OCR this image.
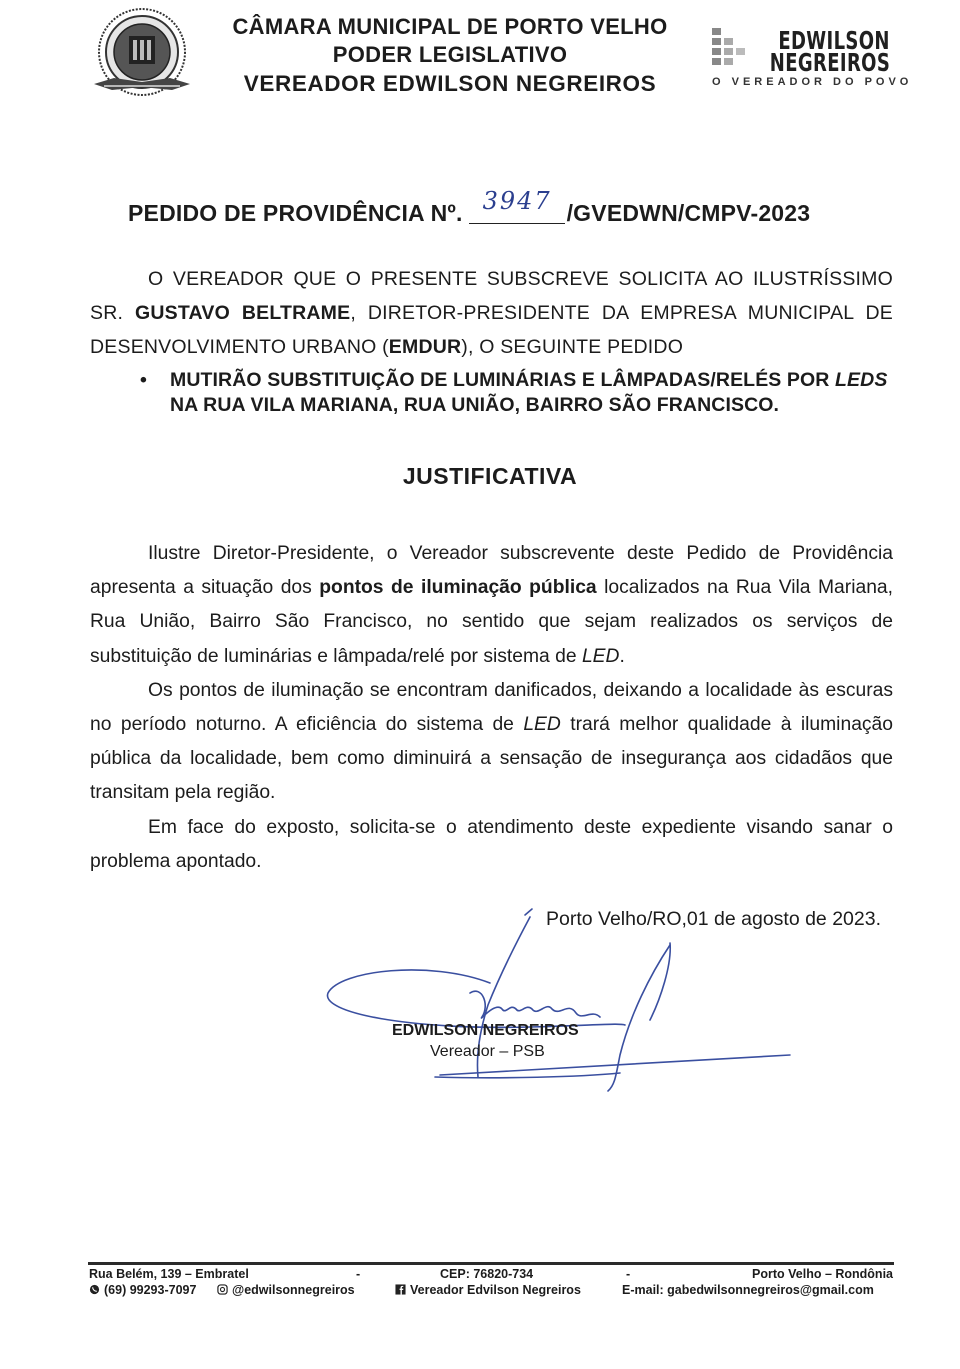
CÂMARA MUNICIPAL DE PORTO VELHO
PODER LEGISLATIVO
VEREADOR EDWILSON NEGREIROS
EDWILSON
NEGREIROS
O VEREADOR DO POVO
PEDIDO DE PROVIDÊNCIA Nº. 3947 /GVEDWN/CMPV-2023
O VEREADOR QUE O PRESENTE SUBSCREVE SOLICITA AO ILUSTRÍSSIMO SR. GUSTAVO BELTRAME, DIRETOR-PRESIDENTE DA EMPRESA MUNICIPAL DE DESENVOLVIMENTO URBANO (EMDUR), O SEGUINTE PEDIDO
• MUTIRÃO SUBSTITUIÇÃO DE LUMINÁRIAS E LÂMPADAS/RELÉS POR LEDS NA RUA VILA MARIANA, RUA UNIÃO, BAIRRO SÃO FRANCISCO.
JUSTIFICATIVA

Ilustre Diretor-Presidente, o Vereador subscrevente deste Pedido de Providência apresenta a situação dos pontos de iluminação pública localizados na Rua Vila Mariana, Rua União, Bairro São Francisco, no sentido que sejam realizados os serviços de substituição de luminárias e lâmpada/relé por sistema de LED.

Os pontos de iluminação se encontram danificados, deixando a localidade às escuras no período noturno. A eficiência do sistema de LED trará melhor qualidade à iluminação pública da localidade, bem como diminuirá a sensação de insegurança aos cidadãos que transitam pela região.

Em face do exposto, solicita-se o atendimento deste expediente visando sanar o problema apontado.

Porto Velho/RO,01 de agosto de 2023.
EDWILSON NEGREIROS
Vereador – PSB
Rua Belém, 139 – Embratel	-	CEP: 76820-734	-	Porto Velho – Rondônia
(69) 99293-7097	@edwilsonnegreiros	Vereador Edvilson Negreiros	E-mail: gabedwilsonnegreiros@gmail.com
